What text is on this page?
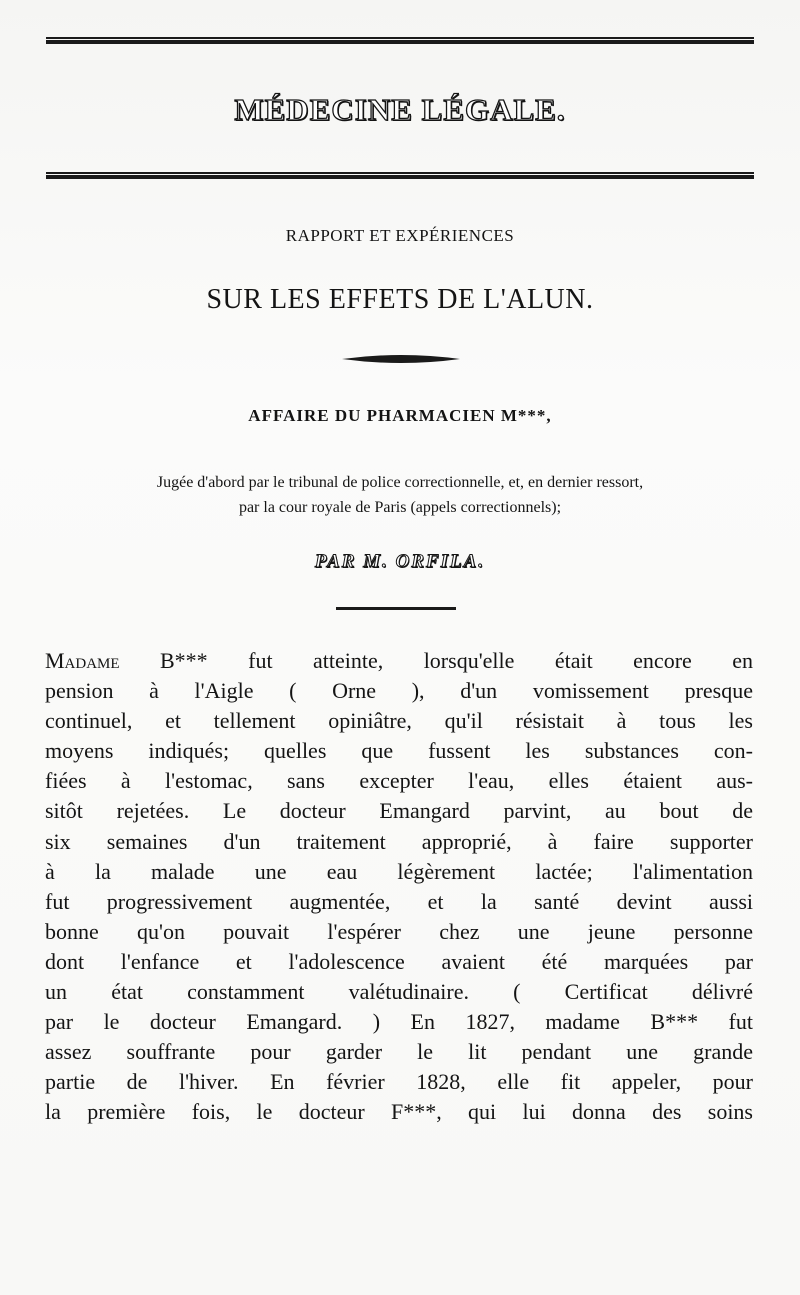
MÉDECINE LÉGALE.
RAPPORT ET EXPÉRIENCES
SUR LES EFFETS DE L'ALUN.
AFFAIRE DU PHARMACIEN M***,
Jugée d'abord par le tribunal de police correctionnelle, et, en dernier ressort,
par la cour royale de Paris (appels correctionnels);
PAR M. ORFILA.
Madame B*** fut atteinte, lorsqu'elle était encore en
pension à l'Aigle ( Orne ), d'un vomissement presque
continuel, et tellement opiniâtre, qu'il résistait à tous les
moyens indiqués; quelles que fussent les substances con-
fiées à l'estomac, sans excepter l'eau, elles étaient aus-
sitôt rejetées. Le docteur Emangard parvint, au bout de
six semaines d'un traitement approprié, à faire supporter
à la malade une eau légèrement lactée; l'alimentation
fut progressivement augmentée, et la santé devint aussi
bonne qu'on pouvait l'espérer chez une jeune personne
dont l'enfance et l'adolescence avaient été marquées par
un état constamment valétudinaire. ( Certificat délivré
par le docteur Emangard. ) En 1827, madame B*** fut
assez souffrante pour garder le lit pendant une grande
partie de l'hiver. En février 1828, elle fit appeler, pour
la première fois, le docteur F***, qui lui donna des soins
